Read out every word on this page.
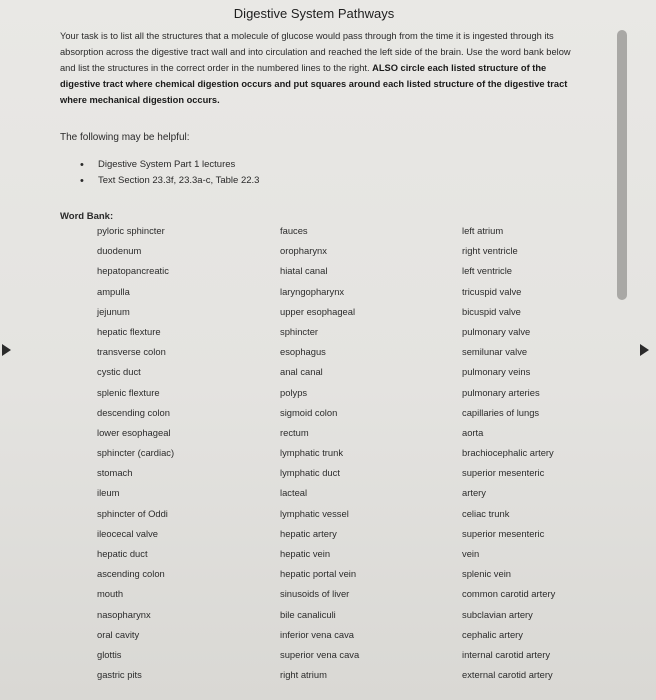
Digestive System Pathways
Your task is to list all the structures that a molecule of glucose would pass through from the time it is ingested through its absorption across the digestive tract wall and into circulation and reached the left side of the brain. Use the word bank below and list the structures in the correct order in the numbered lines to the right. ALSO circle each listed structure of the digestive tract where chemical digestion occurs and put squares around each listed structure of the digestive tract where mechanical digestion occurs.
The following may be helpful:
•	Digestive System Part 1 lectures
•	Text Section 23.3f, 23.3a-c, Table 22.3
Word Bank:
pyloric sphincter
duodenum
hepatopancreatic
ampulla
jejunum
hepatic flexture
transverse colon
cystic duct
splenic flexture
descending colon
lower esophageal
sphincter (cardiac)
stomach
ileum
sphincter of Oddi
ileocecal valve
hepatic duct
ascending colon
mouth
nasopharynx
oral cavity
glottis
gastric pits
fauces
oropharynx
hiatal canal
laryngopharynx
upper esophageal
sphincter
esophagus
anal canal
polyps
sigmoid colon
rectum
lymphatic trunk
lymphatic duct
lacteal
lymphatic vessel
hepatic artery
hepatic vein
hepatic portal vein
sinusoids of liver
bile canaliculi
inferior vena cava
superior vena cava
right atrium
left atrium
right ventricle
left ventricle
tricuspid valve
bicuspid valve
pulmonary valve
semilunar valve
pulmonary veins
pulmonary arteries
capillaries of lungs
aorta
brachiocephalic artery
superior mesenteric
artery
celiac trunk
superior mesenteric
vein
splenic vein
common carotid artery
subclavian artery
cephalic artery
internal carotid artery
external carotid artery
